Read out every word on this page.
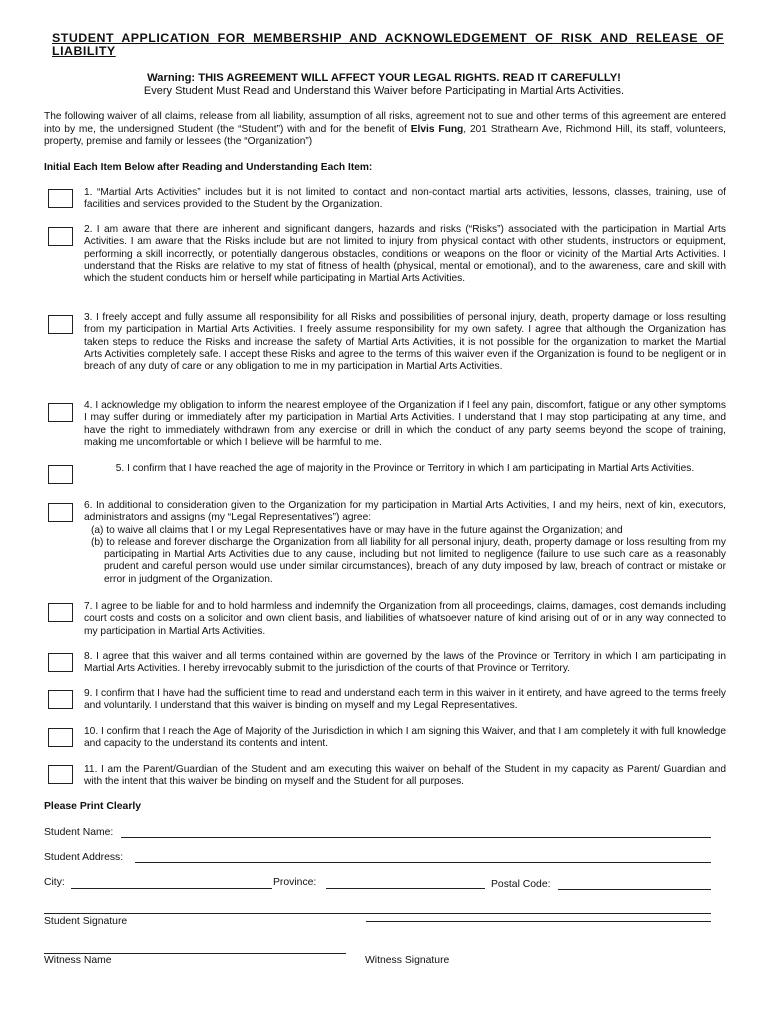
STUDENT APPLICATION FOR MEMBERSHIP AND ACKNOWLEDGEMENT OF RISK AND RELEASE OF LIABILITY
Warning: THIS AGREEMENT WILL AFFECT YOUR LEGAL RIGHTS. READ IT CAREFULLY!
Every Student Must Read and Understand this Waiver before Participating in Martial Arts Activities.
The following waiver of all claims, release from all liability, assumption of all risks, agreement not to sue and other terms of this agreement are entered into by me, the undersigned Student (the “Student”) with and for the benefit of Elvis Fung, 201 Strathearn Ave, Richmond Hill, its staff, volunteers, property, premise and family or lessees (the “Organization”)
Initial Each Item Below after Reading and Understanding Each Item:
1. “Martial Arts Activities” includes but it is not limited to contact and non-contact martial arts activities, lessons, classes, training, use of facilities and services provided to the Student by the Organization.
2. I am aware that there are inherent and significant dangers, hazards and risks (“Risks”) associated with the participation in Martial Arts Activities. I am aware that the Risks include but are not limited to injury from physical contact with other students, instructors or equipment, performing a skill incorrectly, or potentially dangerous obstacles, conditions or weapons on the floor or vicinity of the Martial Arts Activities. I understand that the Risks are relative to my stat of fitness of health (physical, mental or emotional), and to the awareness, care and skill with which the student conducts him or herself while participating in Martial Arts Activities.
3. I freely accept and fully assume all responsibility for all Risks and possibilities of personal injury, death, property damage or loss resulting from my participation in Martial Arts Activities. I freely assume responsibility for my own safety. I agree that although the Organization has taken steps to reduce the Risks and increase the safety of Martial Arts Activities, it is not possible for the organization to market the Martial Arts Activities completely safe. I accept these Risks and agree to the terms of this waiver even if the Organization is found to be negligent or in breach of any duty of care or any obligation to me in my participation in Martial Arts Activities.
4. I acknowledge my obligation to inform the nearest employee of the Organization if I feel any pain, discomfort, fatigue or any other symptoms I may suffer during or immediately after my participation in Martial Arts Activities. I understand that I may stop participating at any time, and have the right to immediately withdrawn from any exercise or drill in which the conduct of any party seems beyond the scope of training, making me uncomfortable or which I believe will be harmful to me.
5. I confirm that I have reached the age of majority in the Province or Territory in which I am participating in Martial Arts Activities.

6. In additional to consideration given to the Organization for my participation in Martial Arts Activities, I and my heirs, next of kin, executors, administrators and assigns (my “Legal Representatives”) agree:

(a) to waive all claims that I or my Legal Representatives have or may have in the future against the Organization; and

(b) to release and forever discharge the Organization from all liability for all personal injury, death, property damage or loss resulting from my participating in Martial Arts Activities due to any cause, including but not limited to negligence (failure to use such care as a reasonably prudent and careful person would use under similar circumstances), breach of any duty imposed by law, breach of contract or mistake or error in judgment of the Organization.

7. I agree to be liable for and to hold harmless and indemnify the Organization from all proceedings, claims, damages, cost demands including court costs and costs on a solicitor and own client basis, and liabilities of whatsoever nature of kind arising out of or in any way connected to my participation in Martial Arts Activities.
8. I agree that this waiver and all terms contained within are governed by the laws of the Province or Territory in which I am participating in Martial Arts Activities. I hereby irrevocably submit to the jurisdiction of the courts of that Province or Territory.
9. I confirm that I have had the sufficient time to read and understand each term in this waiver in it entirety, and have agreed to the terms freely and voluntarily. I understand that this waiver is binding on myself and my Legal Representatives.
10. I confirm that I reach the Age of Majority of the Jurisdiction in which I am signing this Waiver, and that I am completely it with full knowledge and capacity to the understand its contents and intent.
11. I am the Parent/Guardian of the Student and am executing this waiver on behalf of the Student in my capacity as Parent/ Guardian and with the intent that this waiver be binding on myself and the Student for all purposes.
Please Print Clearly
Student Name:
Student Address:
City:	Province:	Postal Code:
Student Signature
Witness Name	Witness Signature
